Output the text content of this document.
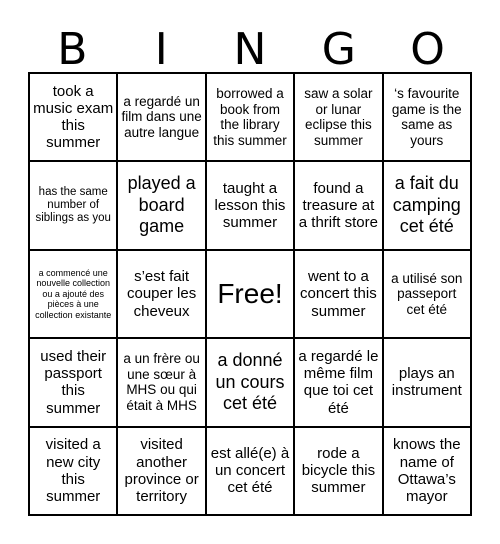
B	I	N	G	O
took a music exam this summer
a regardé un film dans une autre langue
borrowed a book from the library this summer
saw a solar or lunar eclipse this summer
‘s favourite game is the same as yours
has the same number of siblings as you
played a board game
taught a lesson this summer
found a treasure at a thrift store
a fait du camping cet été
a commencé une nouvelle collection ou a ajouté des pièces à une collection existante
s’est fait couper les cheveux
Free!
went to a concert this summer
a utilisé son passeport cet été
used their passport this summer
a un frère ou une sœur à MHS ou qui était à MHS
a donné un cours cet été
a regardé le même film que toi cet été
plays an instrument
visited a new city this summer
visited another province or territory
est allé(e) à un concert cet été
rode a bicycle this summer
knows the name of Ottawa’s mayor
